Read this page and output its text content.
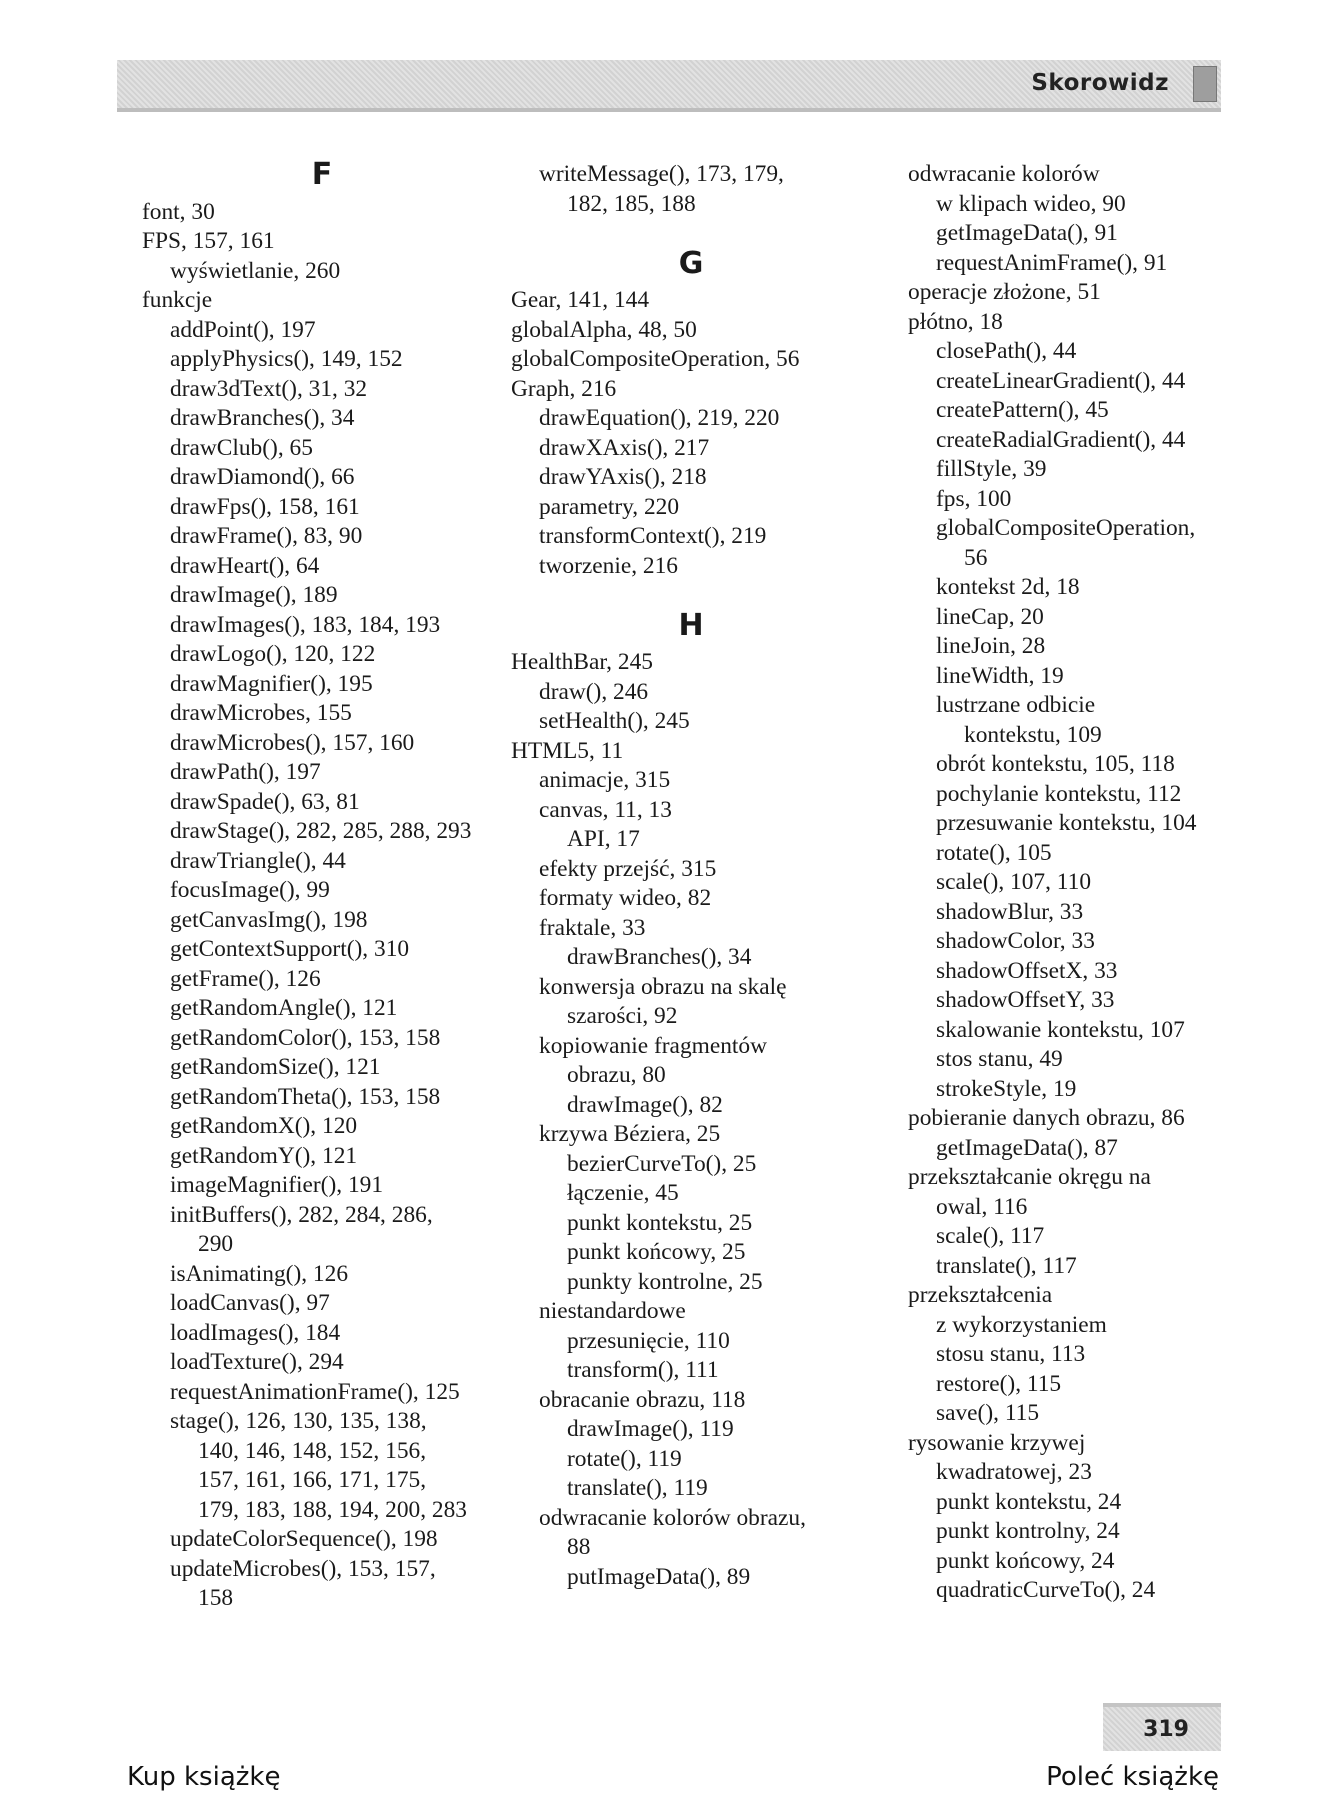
Skorowidz
F
font, 30
FPS, 157, 161
wyświetlanie, 260
funkcje
addPoint(), 197
applyPhysics(), 149, 152
draw3dText(), 31, 32
drawBranches(), 34
drawClub(), 65
drawDiamond(), 66
drawFps(), 158, 161
drawFrame(), 83, 90
drawHeart(), 64
drawImage(), 189
drawImages(), 183, 184, 193
drawLogo(), 120, 122
drawMagnifier(), 195
drawMicrobes, 155
drawMicrobes(), 157, 160
drawPath(), 197
drawSpade(), 63, 81
drawStage(), 282, 285, 288, 293
drawTriangle(), 44
focusImage(), 99
getCanvasImg(), 198
getContextSupport(), 310
getFrame(), 126
getRandomAngle(), 121
getRandomColor(), 153, 158
getRandomSize(), 121
getRandomTheta(), 153, 158
getRandomX(), 120
getRandomY(), 121
imageMagnifier(), 191
initBuffers(), 282, 284, 286,
290
isAnimating(), 126
loadCanvas(), 97
loadImages(), 184
loadTexture(), 294
requestAnimationFrame(), 125
stage(), 126, 130, 135, 138,
140, 146, 148, 152, 156,
157, 161, 166, 171, 175,
179, 183, 188, 194, 200, 283
updateColorSequence(), 198
updateMicrobes(), 153, 157,
158
writeMessage(), 173, 179,
182, 185, 188
G
Gear, 141, 144
globalAlpha, 48, 50
globalCompositeOperation, 56
Graph, 216
drawEquation(), 219, 220
drawXAxis(), 217
drawYAxis(), 218
parametry, 220
transformContext(), 219
tworzenie, 216
H
HealthBar, 245
draw(), 246
setHealth(), 245
HTML5, 11
animacje, 315
canvas, 11, 13
API, 17
efekty przejść, 315
formaty wideo, 82
fraktale, 33
drawBranches(), 34
konwersja obrazu na skalę
szarości, 92
kopiowanie fragmentów
obrazu, 80
drawImage(), 82
krzywa Béziera, 25
bezierCurveTo(), 25
łączenie, 45
punkt kontekstu, 25
punkt końcowy, 25
punkty kontrolne, 25
niestandardowe
przesunięcie, 110
transform(), 111
obracanie obrazu, 118
drawImage(), 119
rotate(), 119
translate(), 119
odwracanie kolorów obrazu,
88
putImageData(), 89
odwracanie kolorów
w klipach wideo, 90
getImageData(), 91
requestAnimFrame(), 91
operacje złożone, 51
płótno, 18
closePath(), 44
createLinearGradient(), 44
createPattern(), 45
createRadialGradient(), 44
fillStyle, 39
fps, 100
globalCompositeOperation,
56
kontekst 2d, 18
lineCap, 20
lineJoin, 28
lineWidth, 19
lustrzane odbicie
kontekstu, 109
obrót kontekstu, 105, 118
pochylanie kontekstu, 112
przesuwanie kontekstu, 104
rotate(), 105
scale(), 107, 110
shadowBlur, 33
shadowColor, 33
shadowOffsetX, 33
shadowOffsetY, 33
skalowanie kontekstu, 107
stos stanu, 49
strokeStyle, 19
pobieranie danych obrazu, 86
getImageData(), 87
przekształcanie okręgu na
owal, 116
scale(), 117
translate(), 117
przekształcenia
z wykorzystaniem
stosu stanu, 113
restore(), 115
save(), 115
rysowanie krzywej
kwadratowej, 23
punkt kontekstu, 24
punkt kontrolny, 24
punkt końcowy, 24
quadraticCurveTo(), 24
319
Kup książkę	Poleć książkę
